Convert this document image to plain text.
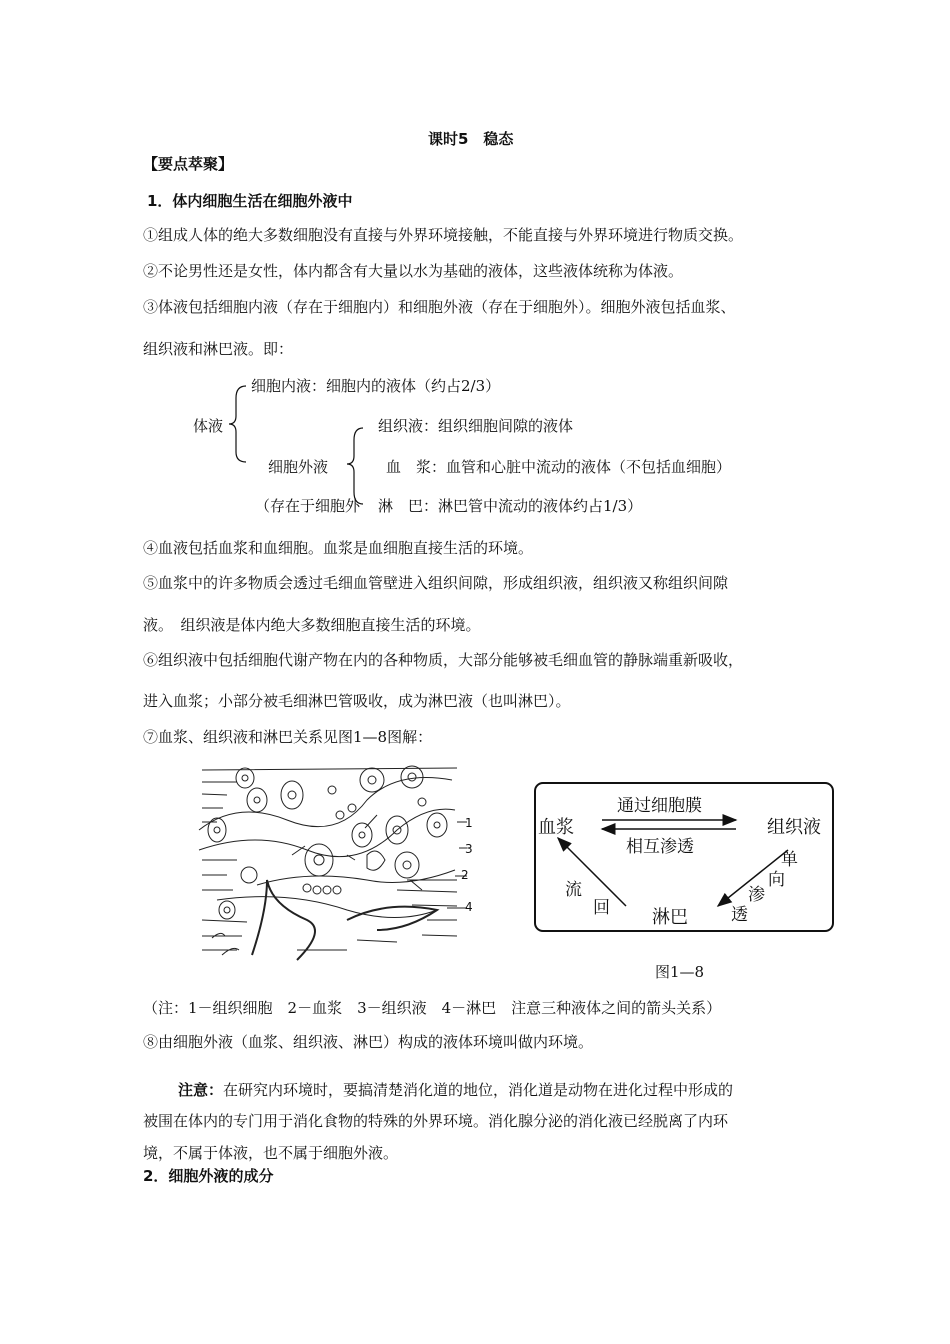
课时5　稳态
【要点萃聚】
1．体内细胞生活在细胞外液中
①组成人体的绝大多数细胞没有直接与外界环境接触，不能直接与外界环境进行物质交换。
②不论男性还是女性，体内都含有大量以水为基础的液体，这些液体统称为体液。
③体液包括细胞内液（存在于细胞内）和细胞外液（存在于细胞外）。细胞外液包括血浆、
组织液和淋巴液。即：
细胞内液：细胞内的液体（约占2/3）
体液	组织液：组织细胞间隙的液体
细胞外液	血　浆：血管和心脏中流动的液体（不包括血细胞）
（存在于细胞外 淋　巴：淋巴管中流动的液体约占1/3）
④血液包括血浆和血细胞。血浆是血细胞直接生活的环境。
⑤血浆中的许多物质会透过毛细血管壁进入组织间隙，形成组织液，组织液又称组织间隙
液。　组织液是体内绝大多数细胞直接生活的环境。
⑥组织液中包括细胞代谢产物在内的各种物质，大部分能够被毛细血管的静脉端重新吸收，
进入血浆；小部分被毛细淋巴管吸收，成为淋巴液（也叫淋巴）。
⑦血浆、组织液和淋巴关系见图1—8图解：
1
3
2
4
血浆	组织液
淋巴
通过细胞膜
相互渗透
单
向
渗
透
流
回
图1—8
（注：1－组织细胞　2－血浆　3－组织液　4－淋巴　注意三种液体之间的箭头关系）
⑧由细胞外液（血浆、组织液、淋巴）构成的液体环境叫做内环境。
注意：在研究内环境时，要搞清楚消化道的地位，消化道是动物在进化过程中形成的
被围在体内的专门用于消化食物的特殊的外界环境。消化腺分泌的消化液已经脱离了内环
境，不属于体液，也不属于细胞外液。
2．细胞外液的成分
